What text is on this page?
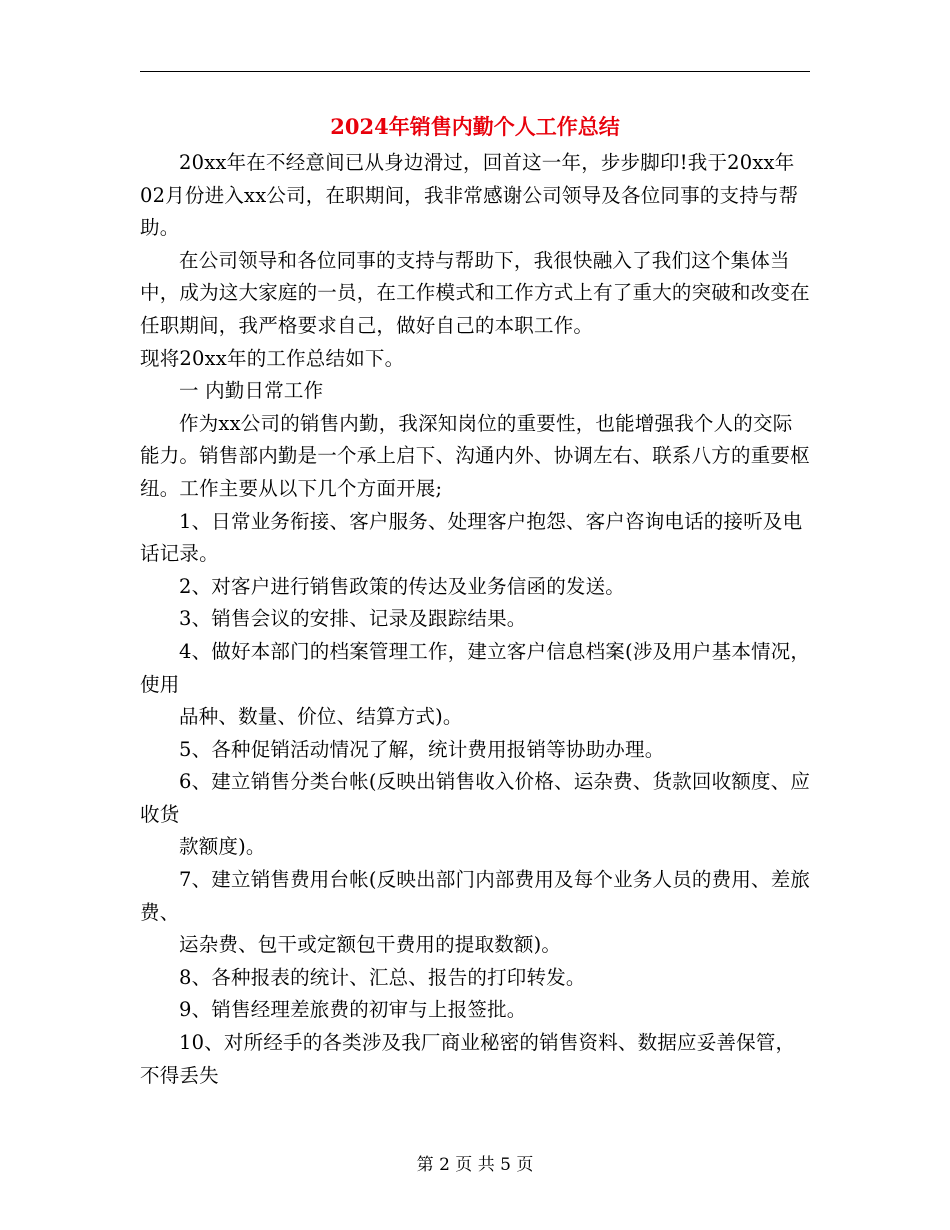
2024年销售内勤个人工作总结

20xx年在不经意间已从身边滑过，回首这一年，步步脚印!我于20xx年02月份进入xx公司，在职期间，我非常感谢公司领导及各位同事的支持与帮助。

在公司领导和各位同事的支持与帮助下，我很快融入了我们这个集体当中，成为这大家庭的一员，在工作模式和工作方式上有了重大的突破和改变在任职期间，我严格要求自己，做好自己的本职工作。

现将20xx年的工作总结如下。

一 内勤日常工作

作为xx公司的销售内勤，我深知岗位的重要性，也能增强我个人的交际能力。销售部内勤是一个承上启下、沟通内外、协调左右、联系八方的重要枢纽。工作主要从以下几个方面开展;

1、日常业务衔接、客户服务、处理客户抱怨、客户咨询电话的接听及电话记录。

2、对客户进行销售政策的传达及业务信函的发送。

3、销售会议的安排、记录及跟踪结果。

4、做好本部门的档案管理工作，建立客户信息档案(涉及用户基本情况，使用

品种、数量、价位、结算方式)。

5、各种促销活动情况了解，统计费用报销等协助办理。

6、建立销售分类台帐(反映出销售收入价格、运杂费、货款回收额度、应收货

款额度)。

7、建立销售费用台帐(反映出部门内部费用及每个业务人员的费用、差旅费、

运杂费、包干或定额包干费用的提取数额)。

8、各种报表的统计、汇总、报告的打印转发。

9、销售经理差旅费的初审与上报签批。

10、对所经手的各类涉及我厂商业秘密的销售资料、数据应妥善保管，不得丢失

第 2 页 共 5 页
